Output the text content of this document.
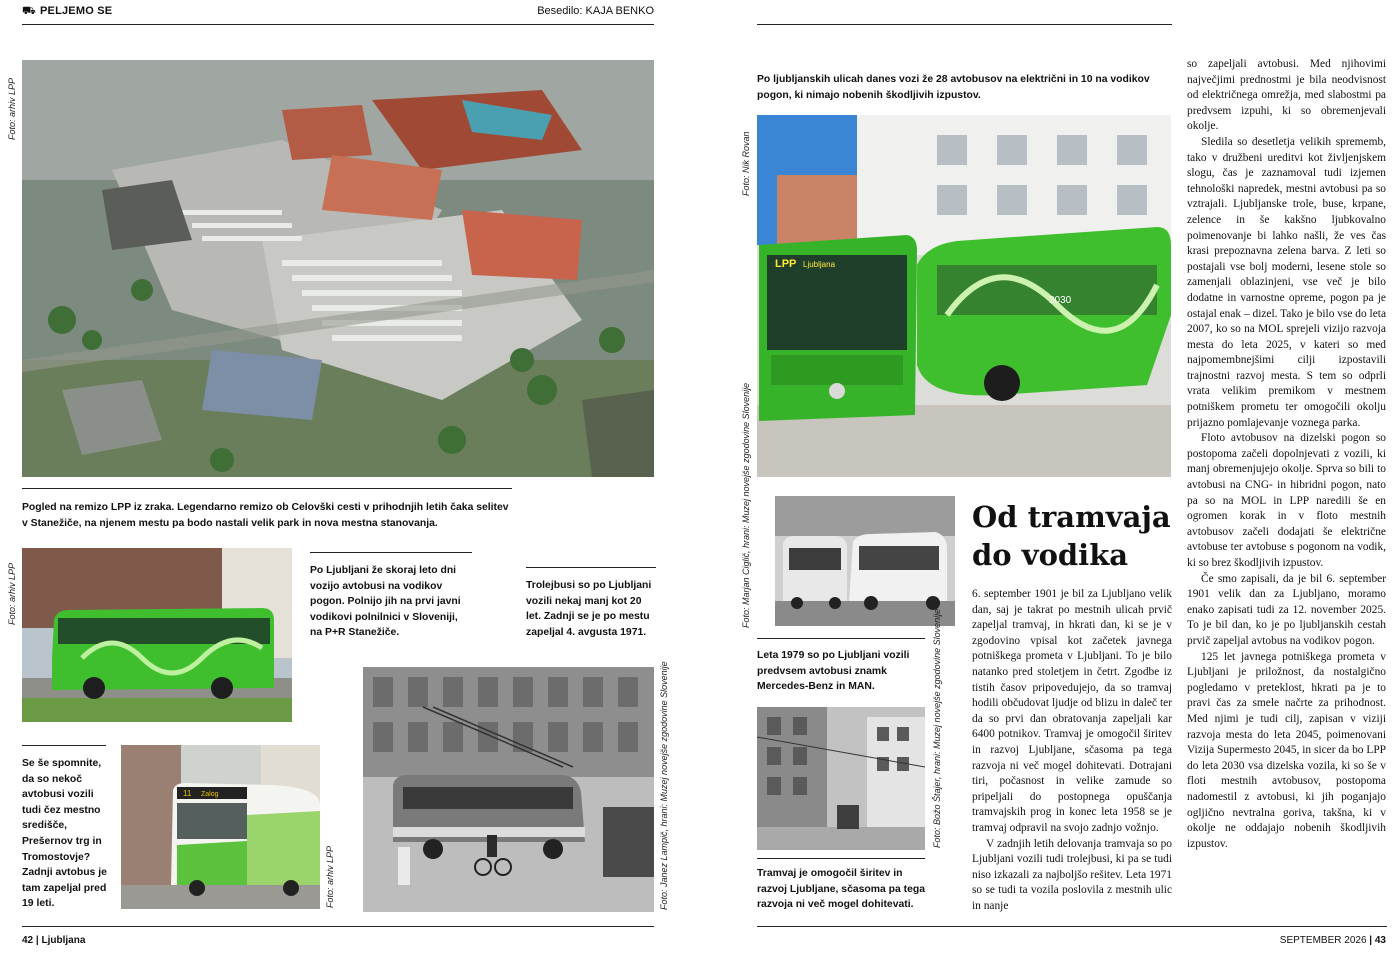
⛟ PELJEMO SE	Besedilo: KAJA BENKO
Foto: arhiv LPP
Pogled na remizo LPP iz zraka. Legendarno remizo ob Celovški cesti v prihodnjih letih čaka selitev v Stanežiče, na njenem mestu pa bodo nastali velik park in nova mestna stanovanja.
Foto: arhiv LPP	Po Ljubljani že skoraj leto dni vozijo avtobusi na vodikov pogon. Polnijo jih na prvi javni vodikovi polnilnici v Sloveniji, na P+R Stanežiče.
Trolejbusi so po Ljubljani vozili nekaj manj kot 20 let. Zadnji se je po mestu zapeljal 4. avgusta 1971.
Foto: Janez Lampič, hrani: Muzej novejše zgodovine Slovenije
Se še spomnite, da so nekoč avtobusi vozili tudi čez mestno središče, Prešernov trg in Tromostovje? Zadnji avtobus je tam zapeljal pred 19 leti.
11 Zalog
Foto: arhiv LPP
42 | Ljubljana
Po ljubljanskih ulicah danes vozi že 28 avtobusov na električni in 10 na vodikov pogon, ki nimajo nobenih škodljivih izpustov.
LPP Ljubljana
2030
Foto: Nik Rovan
Foto: Marjan Ciglič, hrani: Muzej novejše zgodovine Slovenije
Leta 1979 so po Ljubljani vozili predvsem avtobusi znamk Mercedes-Benz in MAN.	Foto: Božo Štajer, hrani: Muzej novejše zgodovine Slovenije
Tramvaj je omogočil širitev in razvoj Ljubljane, sčasoma pa tega razvoja ni več mogel dohitevati.
Od tramvaja
do vodika

6. september 1901 je bil za Ljubljano velik dan, saj je takrat po mestnih ulicah prvič zapeljal tramvaj, in hkrati dan, ki se je v zgodovino vpisal kot začetek javnega potniškega prometa v Ljubljani. To je bilo natanko pred stoletjem in četrt. Zgodbe iz tistih časov pripovedujejo, da so tramvaj hodili občudovat ljudje od blizu in daleč ter da so prvi dan obratovanja zapeljali kar 6400 potnikov. Tramvaj je omogočil širitev in razvoj Ljubljane, sčasoma pa tega razvoja ni več mogel dohitevati. Dotrajani tiri, počasnost in velike zamude so pripeljali do postopnega opuščanja tramvajskih prog in konec leta 1958 se je tramvaj odpravil na svojo zadnjo vožnjo.

V zadnjih letih delovanja tramvaja so po Ljubljani vozili tudi trolejbusi, ki pa se tudi niso izkazali za najboljšo rešitev. Leta 1971 so se tudi ta vozila poslovila z mestnih ulic in nanje

so zapeljali avtobusi. Med njihovimi največjimi prednostmi je bila neodvisnost od električnega omrežja, med slabostmi pa predvsem izpuhi, ki so obremenjevali okolje.

Sledila so desetletja velikih sprememb, tako v družbeni ureditvi kot življenjskem slogu, čas je zaznamoval tudi izjemen tehnološki napredek, mestni avtobusi pa so vztrajali. Ljubljanske trole, buse, krpane, zelence in še kakšno ljubkovalno poimenovanje bi lahko našli, že ves čas krasi prepoznavna zelena barva. Z leti so postajali vse bolj moderni, lesene stole so zamenjali oblazinjeni, vse več je bilo dodatne in varnostne opreme, pogon pa je ostajal enak – dizel. Tako je bilo vse do leta 2007, ko so na MOL sprejeli vizijo razvoja mesta do leta 2025, v kateri so med najpomembnejšimi cilji izpostavili trajnostni razvoj mesta. S tem so odprli vrata velikim premikom v mestnem potniškem prometu ter omogočili okolju prijazno pomlajevanje voznega parka.

Floto avtobusov na dizelski pogon so postopoma začeli dopolnjevati z vozili, ki manj obremenjujejo okolje. Sprva so bili to avtobusi na CNG- in hibridni pogon, nato pa so na MOL in LPP naredili še en ogromen korak in v floto mestnih avtobusov začeli dodajati še električne avtobuse ter avtobuse s pogonom na vodik, ki so brez škodljivih izpustov.

Če smo zapisali, da je bil 6. september 1901 velik dan za Ljubljano, moramo enako zapisati tudi za 12. november 2025. To je bil dan, ko je po ljubljanskih cestah prvič zapeljal avtobus na vodikov pogon.

125 let javnega potniškega prometa v Ljubljani je priložnost, da nostalgično pogledamo v preteklost, hkrati pa je to pravi čas za smele načrte za prihodnost. Med njimi je tudi cilj, zapisan v viziji razvoja mesta do leta 2045, poimenovani Vizija Supermesto 2045, in sicer da bo LPP do leta 2030 vsa dizelska vozila, ki so še v floti mestnih avtobusov, postopoma nadomestil z avtobusi, ki jih poganjajo ogljično nevtralna goriva, takšna, ki v okolje ne oddajajo nobenih škodljivih izpustov.

SEPTEMBER 2026 | 43
